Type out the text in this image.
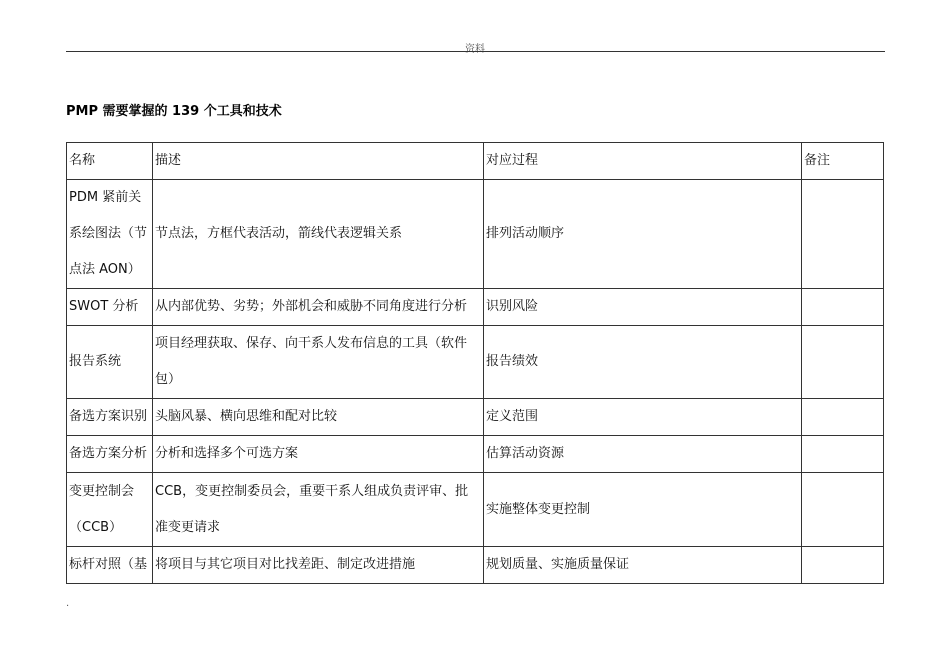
资料
PMP 需要掌握的 139 个工具和技术
名称	描述	对应过程	备注
PDM 紧前关系绘图法（节点法 AON）	节点法，方框代表活动，箭线代表逻辑关系	排列活动顺序	
SWOT 分析	从内部优势、劣势；外部机会和威胁不同角度进行分析	识别风险	
报告系统	项目经理获取、保存、向干系人发布信息的工具（软件包）	报告绩效	
备选方案识别	头脑风暴、横向思维和配对比较	定义范围	
备选方案分析	分析和选择多个可选方案	估算活动资源	
变更控制会（CCB）	CCB，变更控制委员会，重要干系人组成负责评审、批准变更请求	实施整体变更控制	
标杆对照（基	将项目与其它项目对比找差距、制定改进措施	规划质量、实施质量保证	
.
